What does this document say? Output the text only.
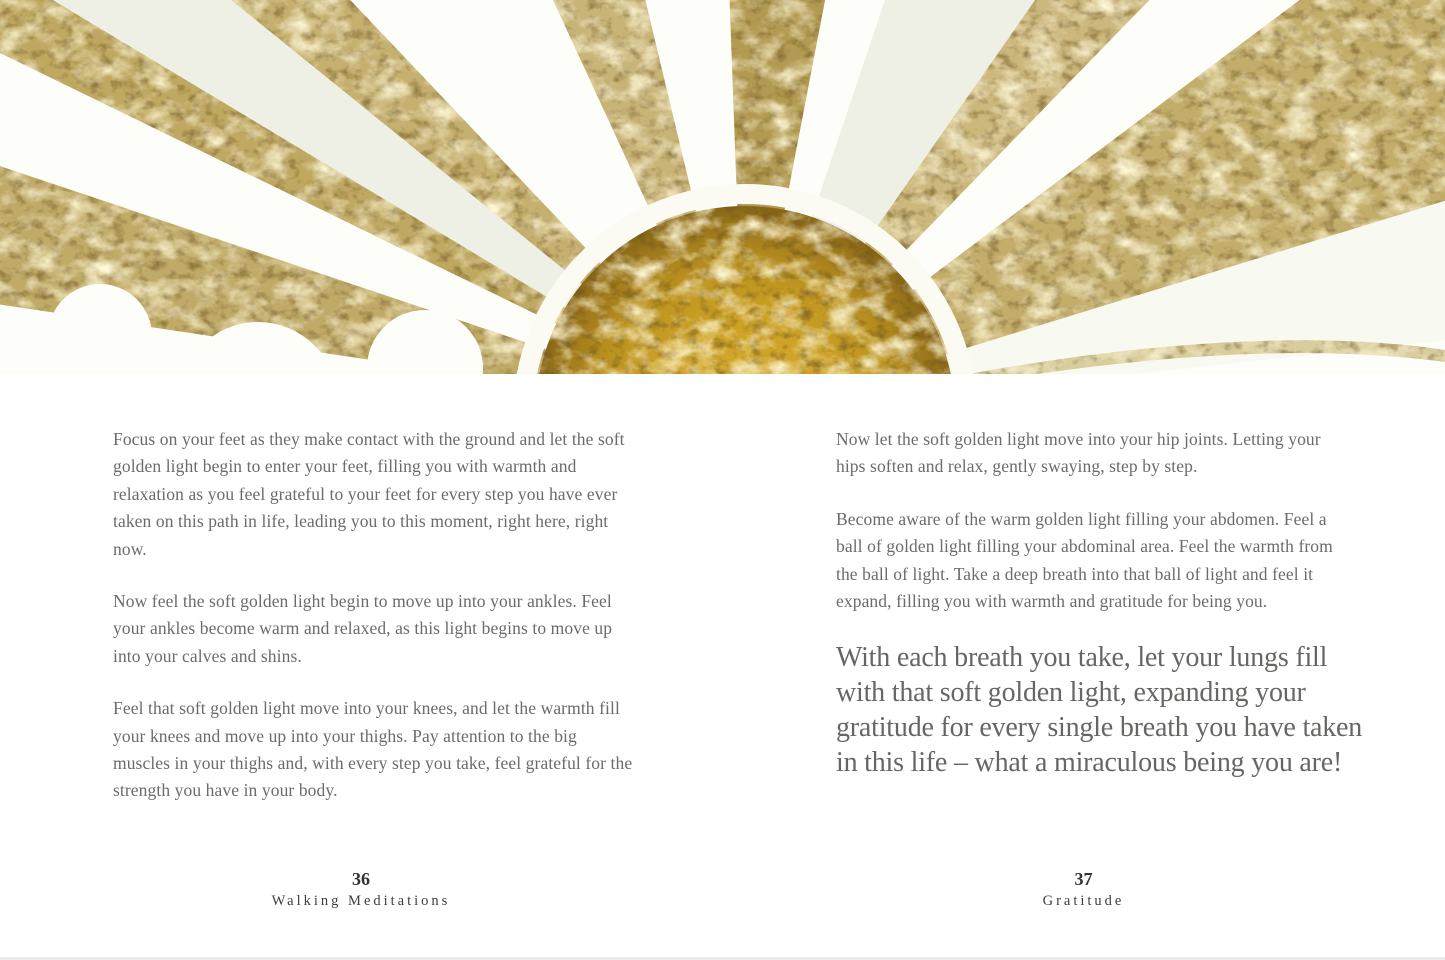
Focus on your feet as they make contact with the ground and let the soft golden light begin to enter your feet, filling you with warmth and relaxation as you feel grateful to your feet for every step you have ever taken on this path in life, leading you to this moment, right here, right now.

Now feel the soft golden light begin to move up into your ankles. Feel your ankles become warm and relaxed, as this light begins to move up into your calves and shins.

Feel that soft golden light move into your knees, and let the warmth fill your knees and move up into your thighs. Pay attention to the big muscles in your thighs and, with every step you take, feel grateful for the strength you have in your body.

36
Walking Meditations

Now let the soft golden light move into your hip joints. Letting your hips soften and relax, gently swaying, step by step.

Become aware of the warm golden light filling your abdomen. Feel a ball of golden light filling your abdominal area. Feel the warmth from the ball of light. Take a deep breath into that ball of light and feel it expand, filling you with warmth and gratitude for being you.

With each breath you take, let your lungs fill with that soft golden light, expanding your gratitude for every single breath you have taken in this life – what a miraculous being you are!

37
Gratitude
